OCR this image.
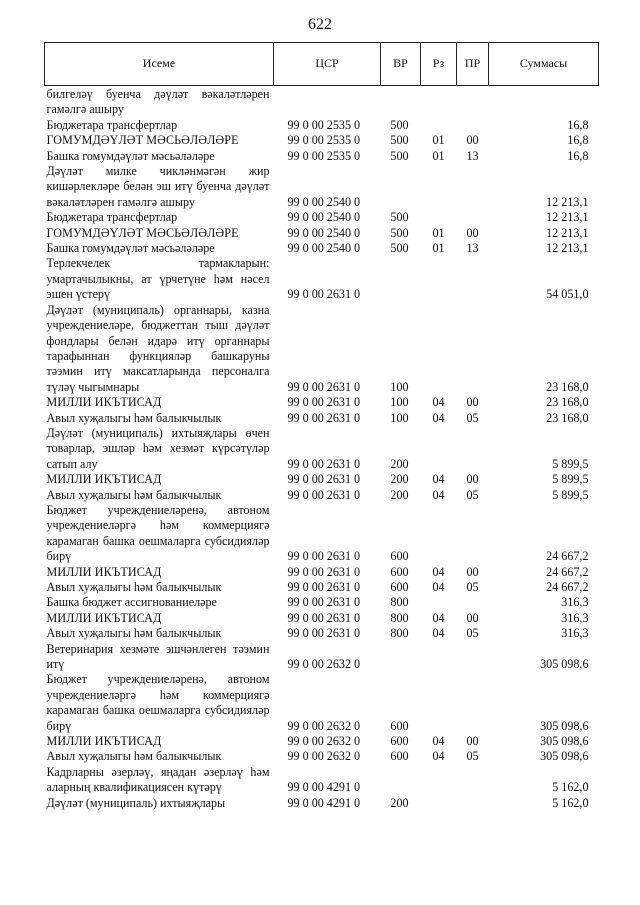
622
Исеме	ЦСР	ВР	Рз	ПР	Суммасы
билгеләү буенча дәүләт вәкаләтләрен гамәлгә ашыру					
Бюджетара трансфертлар	99 0 00 2535 0	500			16,8
ГОМУМДӘҮЛӘТ МӘСЬӘЛӘЛӘРЕ	99 0 00 2535 0	500	01	00	16,8
Башка гомумдәүләт мәсьәләләре	99 0 00 2535 0	500	01	13	16,8
Дәүләт милке чикләнмәгән жир кишәрлекләре белән эш итү буенча дәүләт вәкаләтләрен гамәлгә ашыру	99 0 00 2540 0				12 213,1
Бюджетара трансфертлар	99 0 00 2540 0	500			12 213,1
ГОМУМДӘҮЛӘТ МӘСЬӘЛӘЛӘРЕ	99 0 00 2540 0	500	01	00	12 213,1
Башка гомумдәүләт мәсьәләләре	99 0 00 2540 0	500	01	13	12 213,1
Терлекчелек тармакларын: умартачылыкны, ат үрчетүне һәм нәсел эшен үстерү	99 0 00 2631 0				54 051,0
Дәүләт (муниципаль) органнары, казна учреждениеләре, бюджеттан тыш дәүләт фондлары белән идарә итү органнары тарафыннан функцияләр башкаруны тәэмин итү максатларында персоналга түләү чыгымнары	99 0 00 2631 0	100			23 168,0
МИЛЛИ ИКЪТИСАД	99 0 00 2631 0	100	04	00	23 168,0
Авыл хуҗалыгы һәм балыкчылык	99 0 00 2631 0	100	04	05	23 168,0
Дәүләт (муниципаль) ихтыяҗлары өчен товарлар, эшләр һәм хезмәт күрсәтүләр сатып алу	99 0 00 2631 0	200			5 899,5
МИЛЛИ ИКЪТИСАД	99 0 00 2631 0	200	04	00	5 899,5
Авыл хуҗалыгы һәм балыкчылык	99 0 00 2631 0	200	04	05	5 899,5
Бюджет учреждениеләренә, автоном учреждениеләргә һәм коммерциягә карамаган башка оешмаларга субсидияләр бирү	99 0 00 2631 0	600			24 667,2
МИЛЛИ ИКЪТИСАД	99 0 00 2631 0	600	04	00	24 667,2
Авыл хуҗалыгы һәм балыкчылык	99 0 00 2631 0	600	04	05	24 667,2
Башка бюджет ассигнованиеләре	99 0 00 2631 0	800			316,3
МИЛЛИ ИКЪТИСАД	99 0 00 2631 0	800	04	00	316,3
Авыл хуҗалыгы һәм балыкчылык	99 0 00 2631 0	800	04	05	316,3
Ветеринария хезмәте эшчәнлеген тәэмин итү	99 0 00 2632 0				305 098,6
Бюджет учреждениеләренә, автоном учреждениеләргә һәм коммерциягә карамаган башка оешмаларга субсидияләр бирү	99 0 00 2632 0	600			305 098,6
МИЛЛИ ИКЪТИСАД	99 0 00 2632 0	600	04	00	305 098,6
Авыл хуҗалыгы һәм балыкчылык	99 0 00 2632 0	600	04	05	305 098,6
Кадрларны әзерләү, яңадан әзерләү һәм аларның квалификациясен күтәрү	99 0 00 4291 0				5 162,0
Дәүләт (муниципаль) ихтыяҗлары	99 0 00 4291 0	200			5 162,0
